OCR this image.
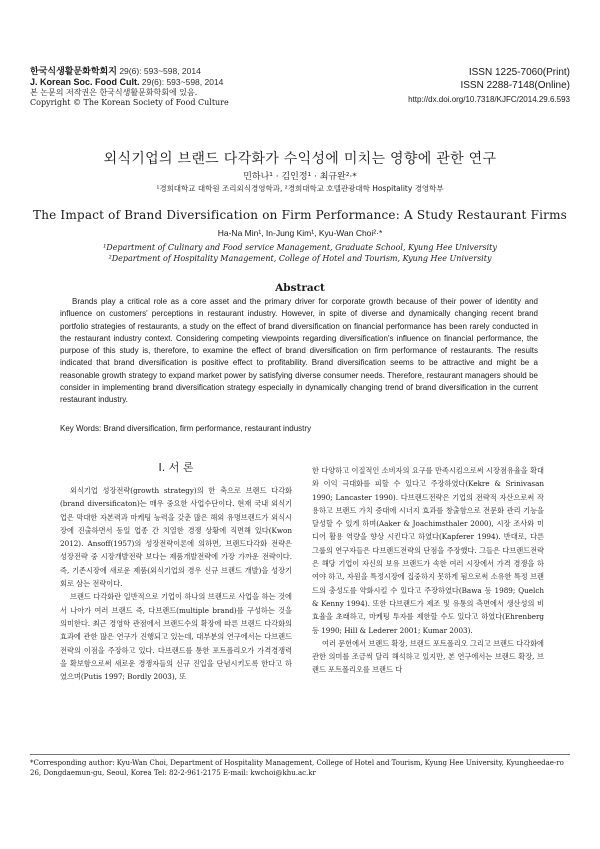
한국식생활문화학회지 29(6): 593~598, 2014
J. Korean Soc. Food Cult. 29(6): 593~598, 2014
본 논문의 저작권은 한국식생활문화학회에 있음.
Copyright © The Korean Society of Food Culture
ISSN 1225-7060(Print)
ISSN 2288-7148(Online)
http://dx.doi.org/10.7318/KJFC/2014.29.6.593
외식기업의 브랜드 다각화가 수익성에 미치는 영향에 관한 연구
민하나¹ · 김인정¹ · 최규완²·*
¹경희대학교 대학원 조리외식경영학과, ²경희대학교 호텔관광대학 Hospitality 경영학부
The Impact of Brand Diversification on Firm Performance: A Study Restaurant Firms
Ha-Na Min¹, In-Jung Kim¹, Kyu-Wan Choi²·*
¹Department of Culinary and Food service Management, Graduate School, Kyung Hee University
²Department of Hospitality Management, College of Hotel and Tourism, Kyung Hee University
Abstract

Brands play a critical role as a core asset and the primary driver for corporate growth because of their power of identity and influence on customers' perceptions in restaurant industry. However, in spite of diverse and dynamically changing recent brand portfolio strategies of restaurants, a study on the effect of brand diversification on financial performance has been rarely conducted in the restaurant industry context. Considering competing viewpoints regarding diversification's influence on financial performance, the purpose of this study is, therefore, to examine the effect of brand diversification on firm performance of restaurants. The results indicated that brand diversification is positive effect to profitability. Brand diversification seems to be attractive and might be a reasonable growth strategy to expand market power by satisfying diverse consumer needs. Therefore, restaurant managers should be consider in implementing brand diversification strategy especially in dynamically changing trend of brand diversification in the current restaurant industry.

Key Words: Brand diversification, firm performance, restaurant industry
I. 서 론

외식기업 성장전략(growth strategy)의 한 축으로 브랜드 다각화(brand diversificaton)는 매우 중요한 사업수단이다. 현재 국내 외식기업은 막대한 자본력과 마케팅 능력을 갖춘 많은 해외 유명브랜드가 외식시장에 진출하면서 동일 업종 간 치열한 경쟁 상황에 직면해 있다(Kwon 2012). Ansoff(1957)의 성장전략이론에 의하면, 브랜드다각화 전략은 성장전략 중 시장개발전략 보다는 제품개발전략에 가장 가까운 전략이다. 즉, 기존시장에 새로운 제품(외식기업의 경우 신규 브랜드 개발)을 성장기회로 삼는 전략이다.

브랜드 다각화란 일반적으로 기업이 하나의 브랜드로 사업을 하는 것에서 나아가 여러 브랜드 즉, 다브랜드(multiple brand)를 구성하는 것을 의미한다. 최근 경영학 관점에서 브랜드수의 확장에 따른 브랜드 다각화의 효과에 관한 많은 연구가 진행되고 있는데, 대부분의 연구에서는 다브랜드전략의 이점을 주장하고 있다. 다브랜드를 통한 포트폴리오가 가격경쟁력을 확보함으로써 새로운 경쟁자들의 신규 진입을 단념시키도록 한다고 하였으며(Putis 1997; Bordly 2003), 또

한 다양하고 이질적인 소비자의 요구를 만족시킴으로써 시장점유율을 확대와 이익 극대화를 피할 수 있다고 주장하였다(Kekre & Srinivasan 1990; Lancaster 1990). 다브랜드전략은 기업의 전략적 자산으로써 작용하고 브랜드 가치 증대에 시너지 효과를 창출함으로 전문화 관리 기능을 달성할 수 있게 하며(Aaker & Joachimsthaler 2000), 시장 조사와 미디어 활용 역량을 향상 시킨다고 하였다(Kapferer 1994). 반대로, 다른 그룹의 연구자들은 다브랜드전략의 단점을 주장했다. 그들은 다브랜드전략은 해당 기업이 자신의 보유 브랜드가 속한 여러 시장에서 가격 경쟁을 하여야 하고, 자원을 특정시장에 집중하지 못하게 됨으로써 소유한 특정 브랜드의 충성도를 약화시킬 수 있다고 주장하였다(Bawa 등 1989; Quelch & Kenny 1994). 또한 다브랜드가 제조 및 유통의 측면에서 생산성의 비효율을 초래하고, 마케팅 투자를 제한할 수도 있다고 하였다(Ehrenberg 등 1990; Hill & Lederer 2001; Kumar 2003).

여러 문헌에서 브랜드 확장, 브랜드 포트폴리오 그리고 브랜드 다각화에 관한 의미를 조금씩 달리 해석하고 있지만, 본 연구에서는 브랜드 확장, 브랜드 포트폴리오를 브랜드 다

*Corresponding author: Kyu-Wan Choi, Department of Hospitality Management, College of Hotel and Tourism, Kyung Hee University, Kyungheedae-ro 26, Dongdaemun-gu, Seoul, Korea Tel: 82-2-961-2175 E-mail: kwchoi@khu.ac.kr
